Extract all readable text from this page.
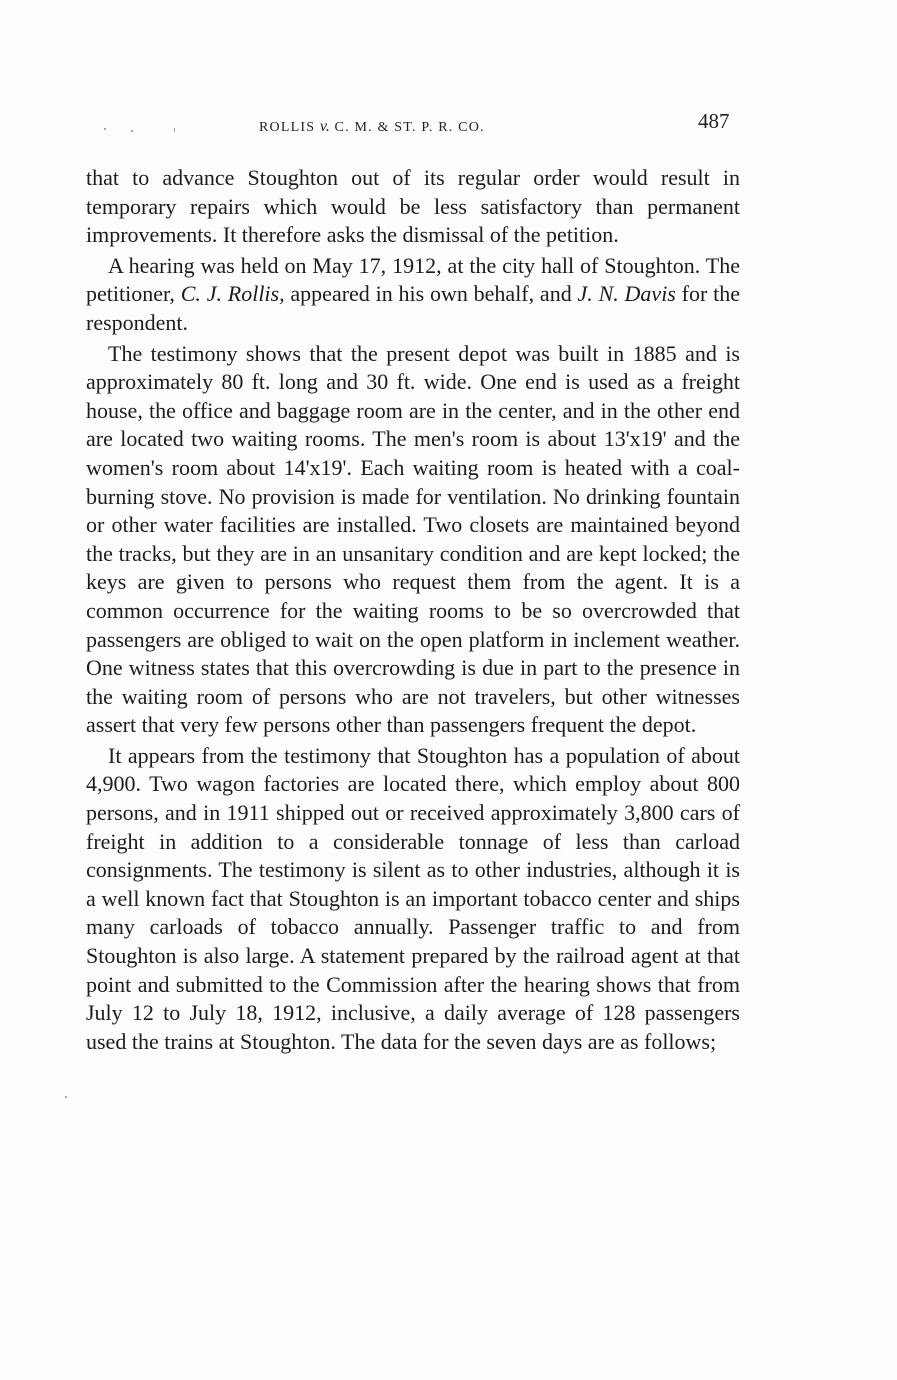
ROLLIS v. C. M. & ST. P. R. CO.	487

that to advance Stoughton out of its regular order would result in temporary repairs which would be less satisfactory than permanent improvements. It therefore asks the dismissal of the petition.

A hearing was held on May 17, 1912, at the city hall of Stoughton. The petitioner, C. J. Rollis, appeared in his own behalf, and J. N. Davis for the respondent.

The testimony shows that the present depot was built in 1885 and is approximately 80 ft. long and 30 ft. wide. One end is used as a freight house, the office and baggage room are in the center, and in the other end are located two waiting rooms. The men's room is about 13'x19' and the women's room about 14'x19'. Each waiting room is heated with a coal-burning stove. No provision is made for ventilation. No drinking fountain or other water facilities are installed. Two closets are maintained beyond the tracks, but they are in an unsanitary condition and are kept locked; the keys are given to persons who request them from the agent. It is a common occurrence for the waiting rooms to be so overcrowded that passengers are obliged to wait on the open platform in inclement weather. One witness states that this overcrowding is due in part to the presence in the waiting room of persons who are not travelers, but other witnesses assert that very few persons other than passengers frequent the depot.

It appears from the testimony that Stoughton has a population of about 4,900. Two wagon factories are located there, which employ about 800 persons, and in 1911 shipped out or received approximately 3,800 cars of freight in addition to a considerable tonnage of less than carload consignments. The testimony is silent as to other industries, although it is a well known fact that Stoughton is an important tobacco center and ships many carloads of tobacco annually. Passenger traffic to and from Stoughton is also large. A statement prepared by the railroad agent at that point and submitted to the Commission after the hearing shows that from July 12 to July 18, 1912, inclusive, a daily average of 128 passengers used the trains at Stoughton. The data for the seven days are as follows;
